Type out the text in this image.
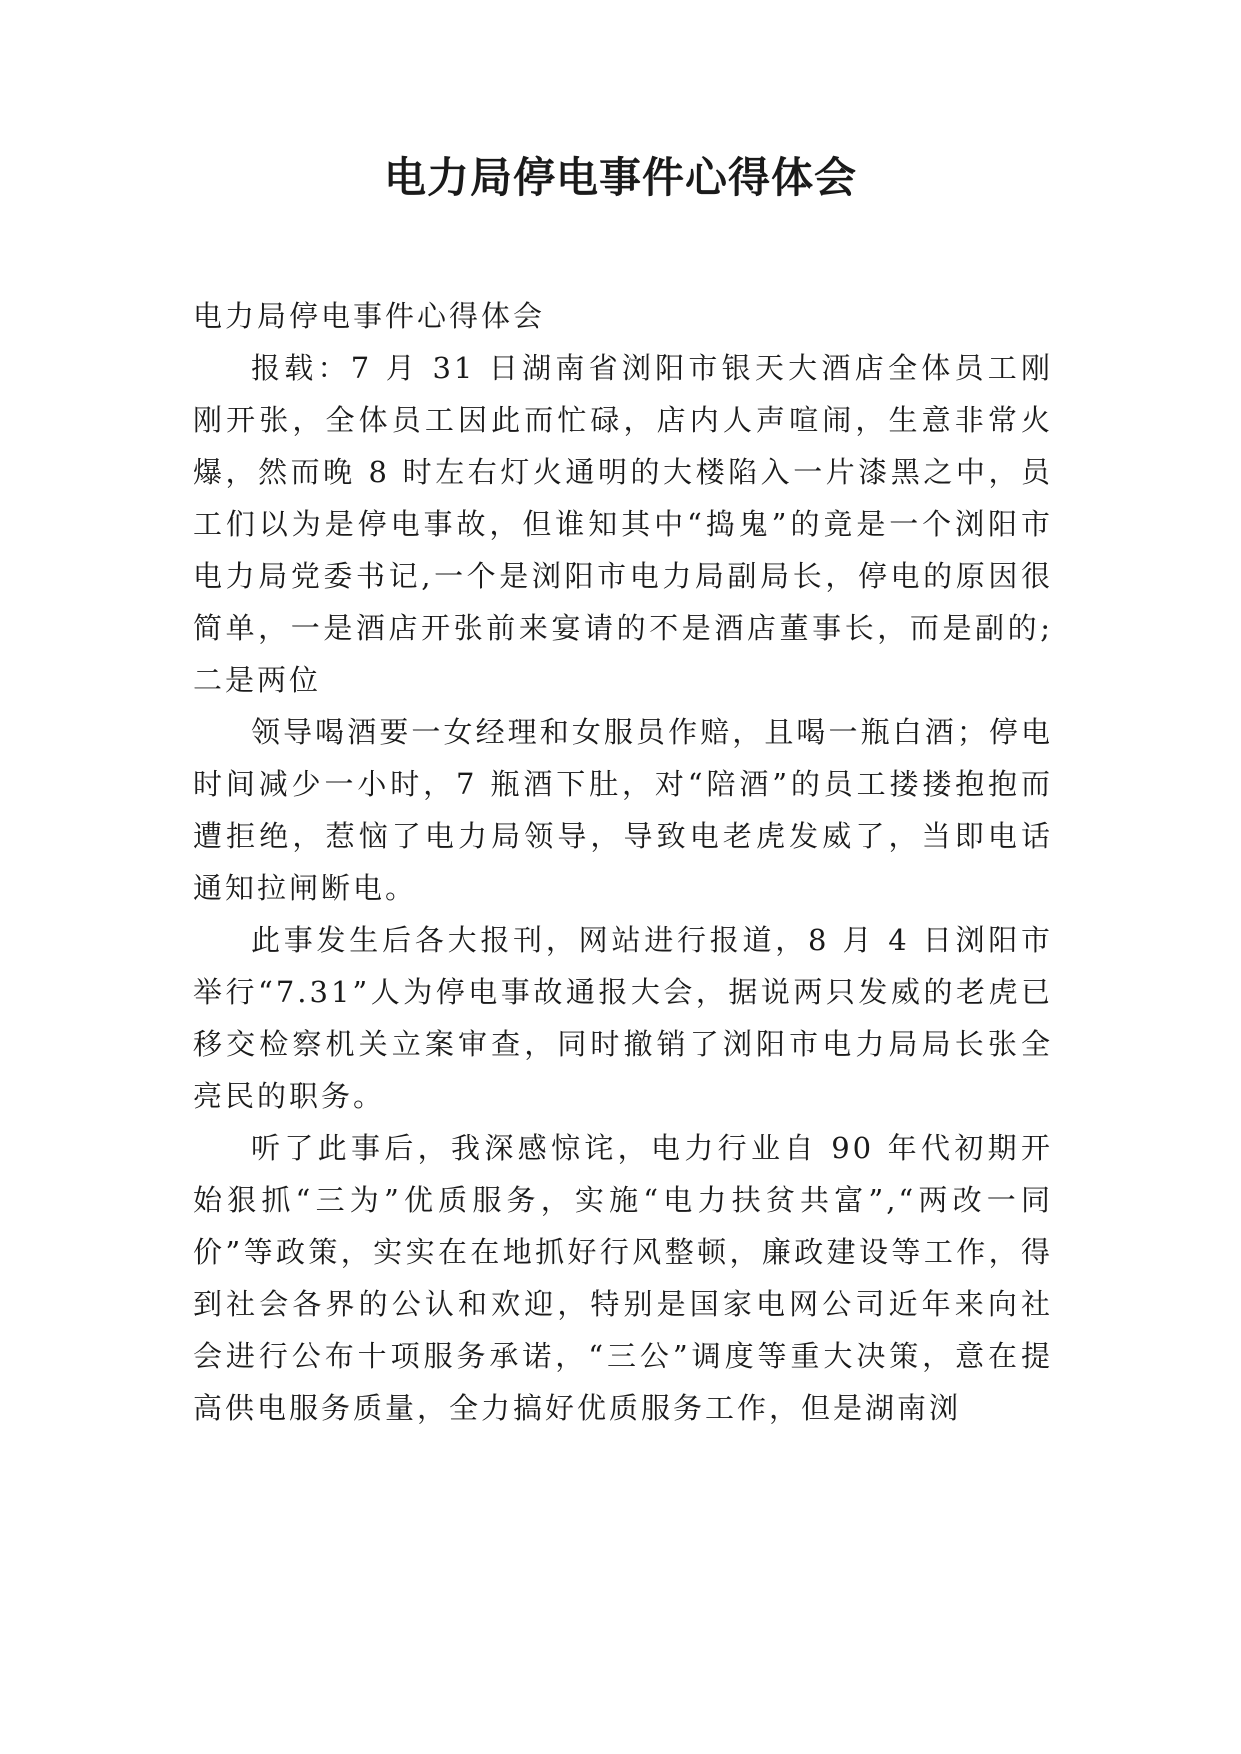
电力局停电事件心得体会

电力局停电事件心得体会

报载：7 月 31 日湖南省浏阳市银天大酒店全体员工刚刚开张，全体员工因此而忙碌，店内人声喧闹，生意非常火爆，然而晚 8 时左右灯火通明的大楼陷入一片漆黑之中，员工们以为是停电事故，但谁知其中“捣鬼”的竟是一个浏阳市电力局党委书记,一个是浏阳市电力局副局长，停电的原因很简单，一是酒店开张前来宴请的不是酒店董事长，而是副的;二是两位

领导喝酒要一女经理和女服员作赔，且喝一瓶白酒；停电时间减少一小时，7 瓶酒下肚，对“陪酒”的员工搂搂抱抱而遭拒绝，惹恼了电力局领导，导致电老虎发威了，当即电话通知拉闸断电。

此事发生后各大报刊，网站进行报道，8 月 4 日浏阳市举行“7.31”人为停电事故通报大会，据说两只发威的老虎已移交检察机关立案审查，同时撤销了浏阳市电力局局长张全亮民的职务。

听了此事后，我深感惊诧，电力行业自 90 年代初期开始狠抓“三为”优质服务，实施“电力扶贫共富”,“两改一同价”等政策，实实在在地抓好行风整顿，廉政建设等工作，得到社会各界的公认和欢迎，特别是国家电网公司近年来向社会进行公布十项服务承诺，“三公”调度等重大决策，意在提高供电服务质量，全力搞好优质服务工作，但是湖南浏
